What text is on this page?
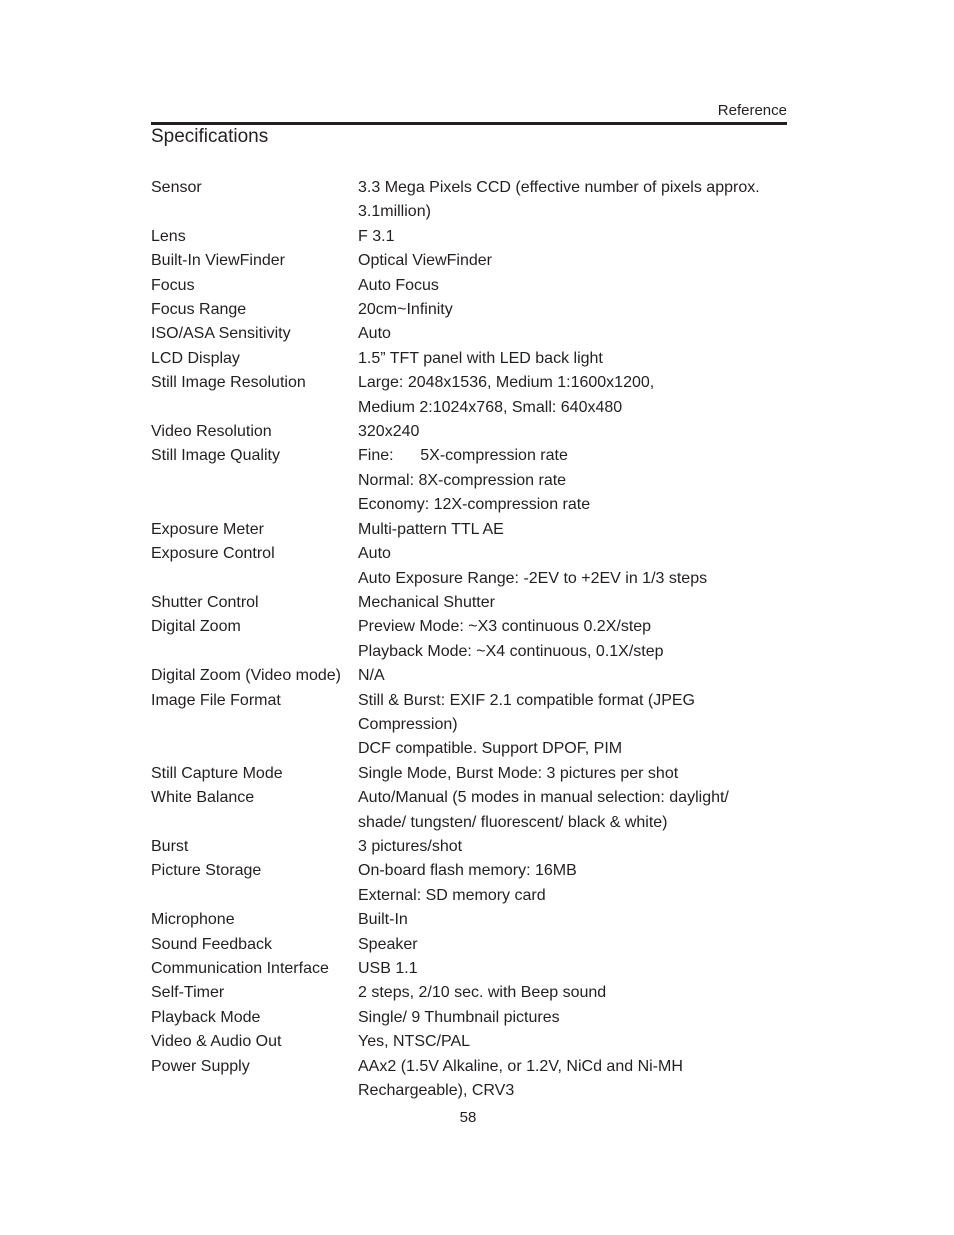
Reference
Specifications
Sensor	3.3 Mega Pixels CCD (effective number of pixels approx.
3.1million)
Lens	F 3.1
Built-In ViewFinder	Optical ViewFinder
Focus	Auto Focus
Focus Range	20cm~Infinity
ISO/ASA Sensitivity	Auto
LCD Display	1.5” TFT panel with LED back light
Still Image Resolution	Large: 2048x1536, Medium 1:1600x1200,
Medium 2:1024x768, Small: 640x480
Video Resolution	320x240
Still Image Quality	Fine:      5X-compression rate
Normal: 8X-compression rate
Economy: 12X-compression rate
Exposure Meter	Multi-pattern TTL AE
Exposure Control	Auto
Auto Exposure Range: -2EV to +2EV in 1/3 steps
Shutter Control	Mechanical Shutter
Digital Zoom	Preview Mode: ~X3 continuous 0.2X/step
Playback Mode: ~X4 continuous, 0.1X/step
Digital Zoom (Video mode)	N/A
Image File Format	Still & Burst: EXIF 2.1 compatible format (JPEG
Compression)
DCF compatible. Support DPOF, PIM
Still Capture Mode	Single Mode, Burst Mode: 3 pictures per shot
White Balance	Auto/Manual (5 modes in manual selection: daylight/
shade/ tungsten/ fluorescent/ black & white)
Burst	3 pictures/shot
Picture Storage	On-board flash memory: 16MB
External: SD memory card
Microphone	Built-In
Sound Feedback	Speaker
Communication Interface	USB 1.1
Self-Timer	2 steps, 2/10 sec. with Beep sound
Playback Mode	Single/ 9 Thumbnail pictures
Video & Audio Out	Yes, NTSC/PAL
Power Supply	AAx2 (1.5V Alkaline, or 1.2V, NiCd and Ni-MH
Rechargeable), CRV3
58
